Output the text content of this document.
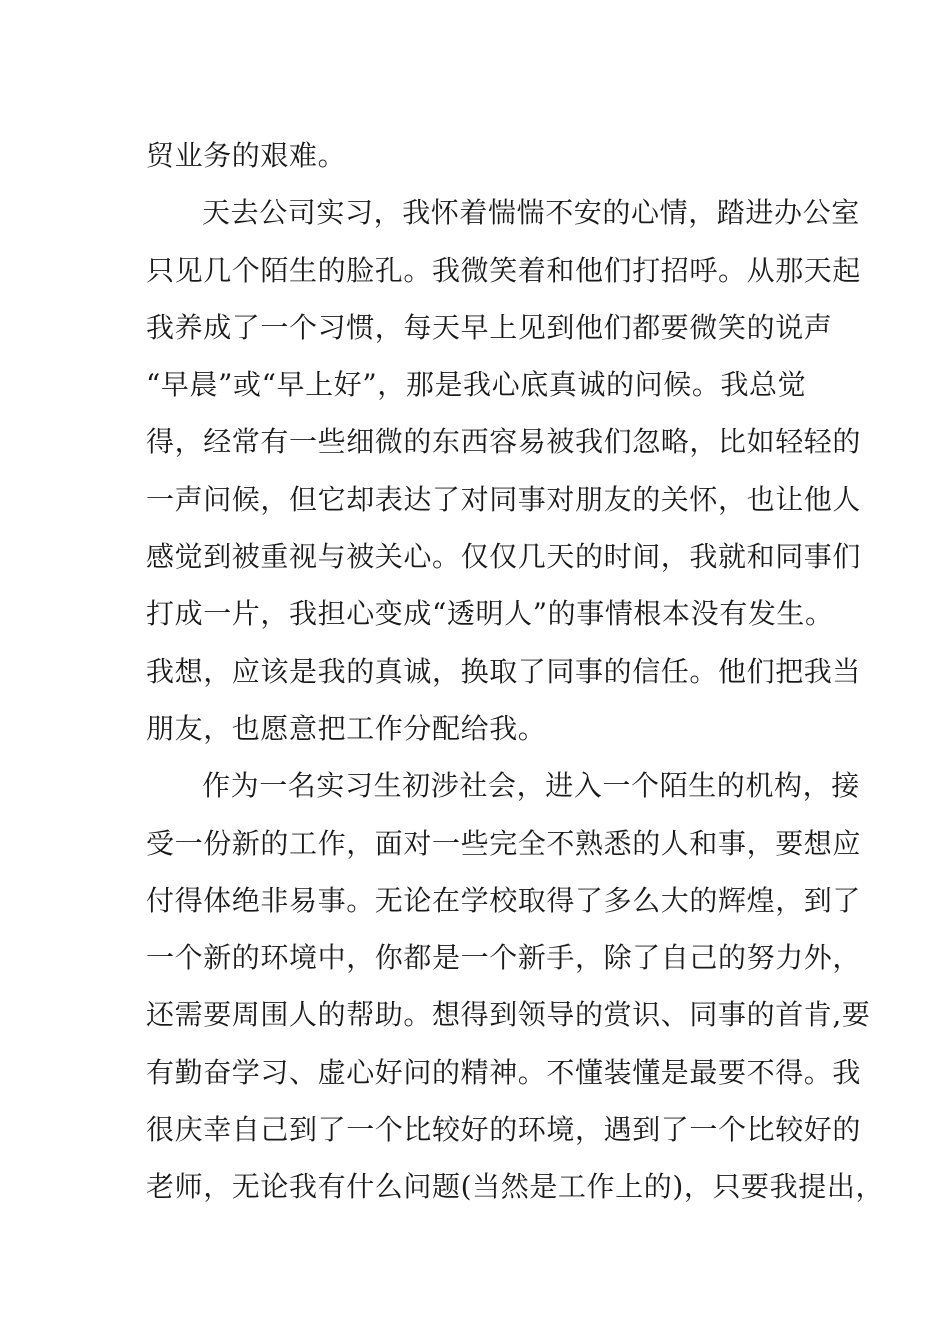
贸业务的艰难。
天去公司实习，我怀着惴惴不安的心情，踏进办公室
只见几个陌生的脸孔。我微笑着和他们打招呼。从那天起
我养成了一个习惯，每天早上见到他们都要微笑的说声
“早晨”或“早上好”，那是我心底真诚的问候。我总觉
得，经常有一些细微的东西容易被我们忽略，比如轻轻的
一声问候，但它却表达了对同事对朋友的关怀，也让他人
感觉到被重视与被关心。仅仅几天的时间，我就和同事们
打成一片，我担心变成“透明人”的事情根本没有发生。
我想，应该是我的真诚，换取了同事的信任。他们把我当
朋友，也愿意把工作分配给我。
作为一名实习生初涉社会，进入一个陌生的机构，接
受一份新的工作，面对一些完全不熟悉的人和事，要想应
付得体绝非易事。无论在学校取得了多么大的辉煌，到了
一个新的环境中，你都是一个新手，除了自己的努力外，
还需要周围人的帮助。想得到领导的赏识、同事的首肯,要
有勤奋学习、虚心好问的精神。不懂装懂是最要不得。我
很庆幸自己到了一个比较好的环境，遇到了一个比较好的
老师，无论我有什么问题(当然是工作上的)，只要我提出，
